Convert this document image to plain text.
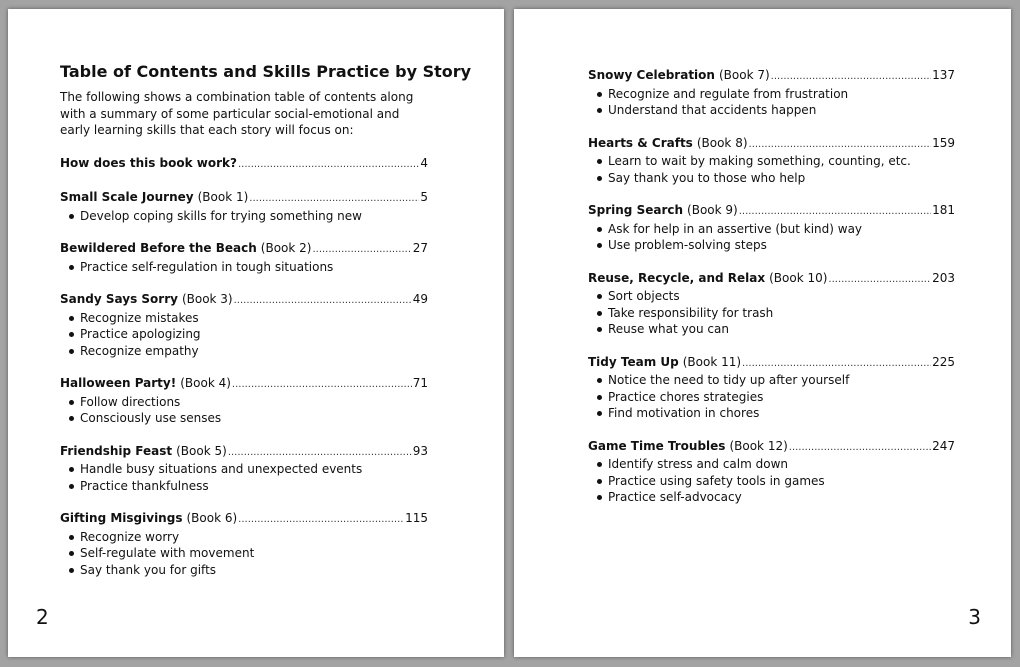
Table of Contents and Skills Practice by Story

The following shows a combination table of contents along with a summary of some particular social-emotional and early learning skills that each story will focus on:

How does this book work? .....	4
Small Scale Journey (Book 1) .....	5
Develop coping skills for trying something new
Bewildered Before the Beach (Book 2) .....	27
Practice self-regulation in tough situations
Sandy Says Sorry (Book 3) .....	49
Recognize mistakes
Practice apologizing
Recognize empathy
Halloween Party! (Book 4) .....	71
Follow directions
Consciously use senses
Friendship Feast (Book 5) .....	93
Handle busy situations and unexpected events
Practice thankfulness
Gifting Misgivings (Book 6) .....	115
Recognize worry
Self-regulate with movement
Say thank you for gifts
2
Snowy Celebration (Book 7) .....	137
Recognize and regulate from frustration
Understand that accidents happen
Hearts & Crafts (Book 8) .....	159
Learn to wait by making something, counting, etc.
Say thank you to those who help
Spring Search (Book 9) .....	181
Ask for help in an assertive (but kind) way
Use problem-solving steps
Reuse, Recycle, and Relax (Book 10) .....	203
Sort objects
Take responsibility for trash
Reuse what you can
Tidy Team Up (Book 11) .....	225
Notice the need to tidy up after yourself
Practice chores strategies
Find motivation in chores
Game Time Troubles (Book 12) .....	247
Identify stress and calm down
Practice using safety tools in games
Practice self-advocacy
3
